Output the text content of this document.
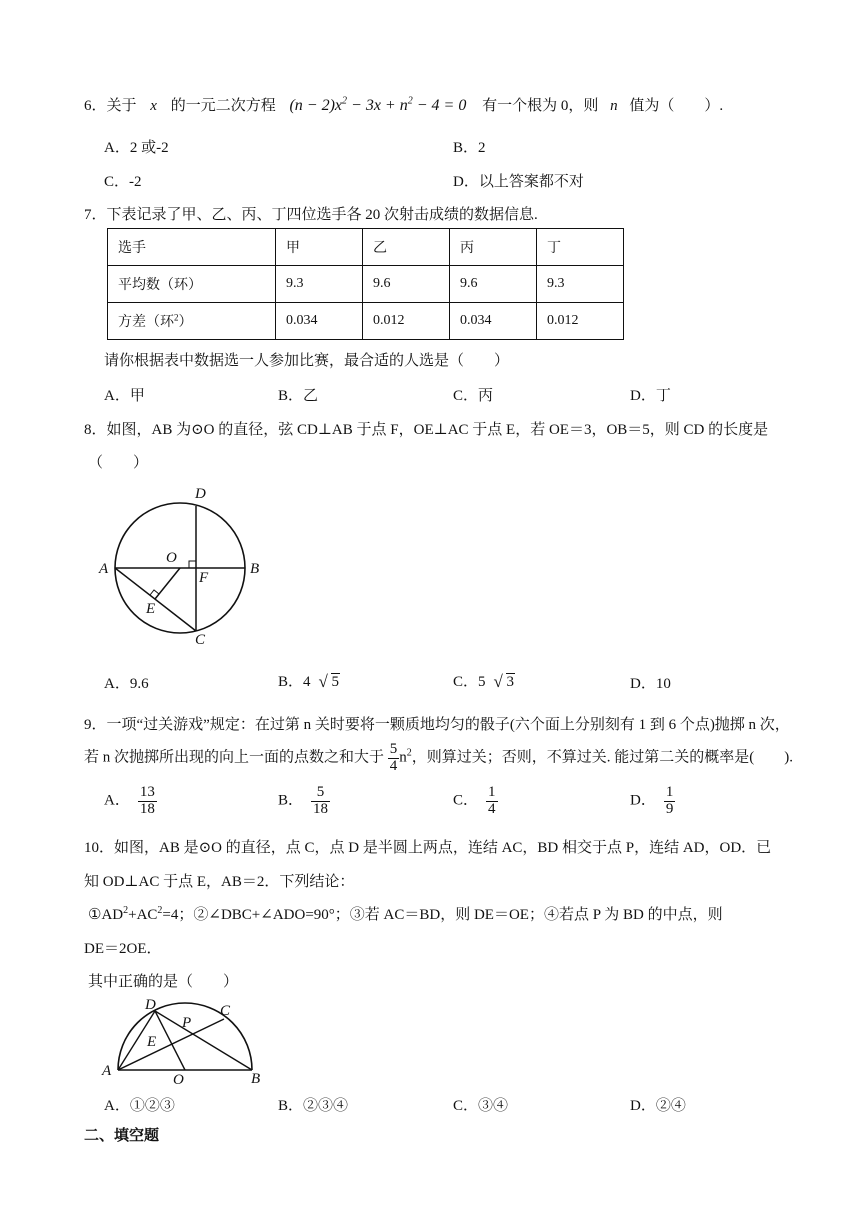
6．关于 x 的一元二次方程 $(n - 2)x^2 - 3x + n^2 - 4 = 0$ 有一个根为 0，则 n 值为（　　）.
A．2 或-2	B．2
C．-2	D．以上答案都不对
7．下表记录了甲、乙、丙、丁四位选手各 20 次射击成绩的数据信息.
选手	甲	乙	丙	丁
平均数（环）	9.3	9.6	9.6	9.3
方差（环$^2$）	0.034	0.012	0.034	0.012
请你根据表中数据选一人参加比赛，最合适的人选是（　　）
A．甲	B．乙	C．丙	D．丁
8．如图，AB 为⊙O 的直径，弦 CD⊥AB 于点 F，OE⊥AC 于点 E，若 OE＝3，OB＝5，则 CD 的长度是
（　　）
D
A
O
F
B
E
C
A．9.6	B．4 √ 5	C．5 √ 3	D．10
9．一项“过关游戏”规定：在过第 n 关时要将一颗质地均匀的骰子(六个面上分别刻有 1 到 6 个点)抛掷 n 次，
若 n 次抛掷所出现的向上一面的点数之和大于 $\frac{5}{4} n^2$，则算过关；否则，不算过关. 能过第二关的概率是(　　).
A． $\frac{13}{18}$	B． $\frac{5}{18}$	C． $\frac{1}{4}$	D． $\frac{1}{9}$
10．如图，AB 是⊙O 的直径，点 C，点 D 是半圆上两点，连结 AC，BD 相交于点 P，连结 AD，OD．已
知 OD⊥AC 于点 E，AB＝2．下列结论：
$①AD^2+AC^2=4$；②∠DBC+∠ADO=90°；③若 AC＝BD，则 DE＝OE；④若点 P 为 BD 的中点，则
DE＝2OE．
其中正确的是（　　）
D	C
P
E
A
O	B
A．①②③	B．②③④	C．③④	D．②④
二、填空题
